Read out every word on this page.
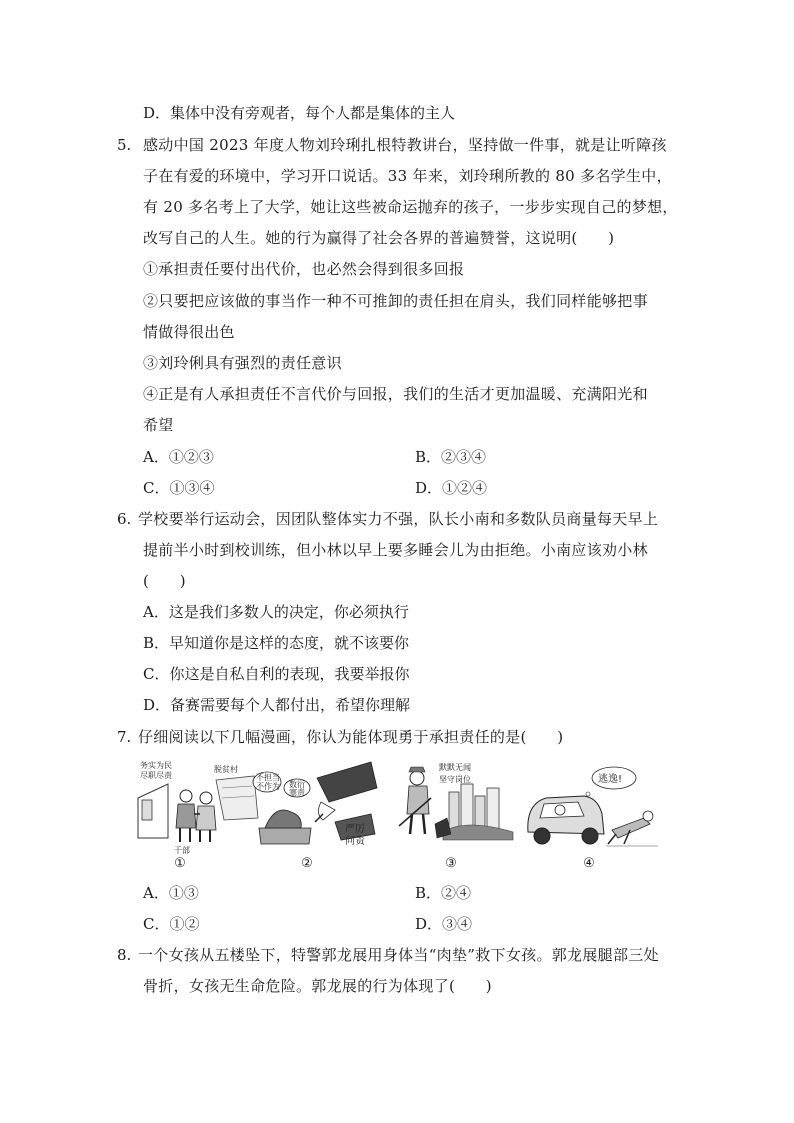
D．集体中没有旁观者，每个人都是集体的主人
5. 感动中国 2023 年度人物刘玲琍扎根特教讲台，坚持做一件事，就是让听障孩
子在有爱的环境中，学习开口说话。33 年来，刘玲琍所教的 80 多名学生中，
有 20 多名考上了大学，她让这些被命运抛弃的孩子，一步步实现自己的梦想，
改写自己的人生。她的行为赢得了社会各界的普遍赞誉，这说明(　　)
①承担责任要付出代价，也必然会得到很多回报
②只要把应该做的事当作一种不可推卸的责任担在肩头，我们同样能够把事
情做得很出色
③刘玲俐具有强烈的责任意识
④正是有人承担责任不言代价与回报，我们的生活才更加温暖、充满阳光和
希望
A．①②③	B．②③④
C．①③④	D．①②④
6. 学校要举行运动会，因团队整体实力不强，队长小南和多数队员商量每天早上
提前半小时到校训练，但小林以早上要多睡会儿为由拒绝。小南应该劝小林
(　　)
A．这是我们多数人的决定，你必须执行
B．早知道你是这样的态度，就不该要你
C．你这是自私自利的表现，我要举报你
D．备赛需要每个人都付出，希望你理解
7. 仔细阅读以下几幅漫画，你认为能体现勇于承担责任的是(　　)
务实为民
尽职尽责
脱贫村
干部
①
不担当
不作为 数衍
塞责
严厉
问责
②
默默无闻
坚守岗位
③
逃逸!
④
A．①③	B．②④
C．①②	D．③④
8. 一个女孩从五楼坠下，特警郭龙展用身体当“肉垫”救下女孩。郭龙展腿部三处
骨折，女孩无生命危险。郭龙展的行为体现了(　　)
